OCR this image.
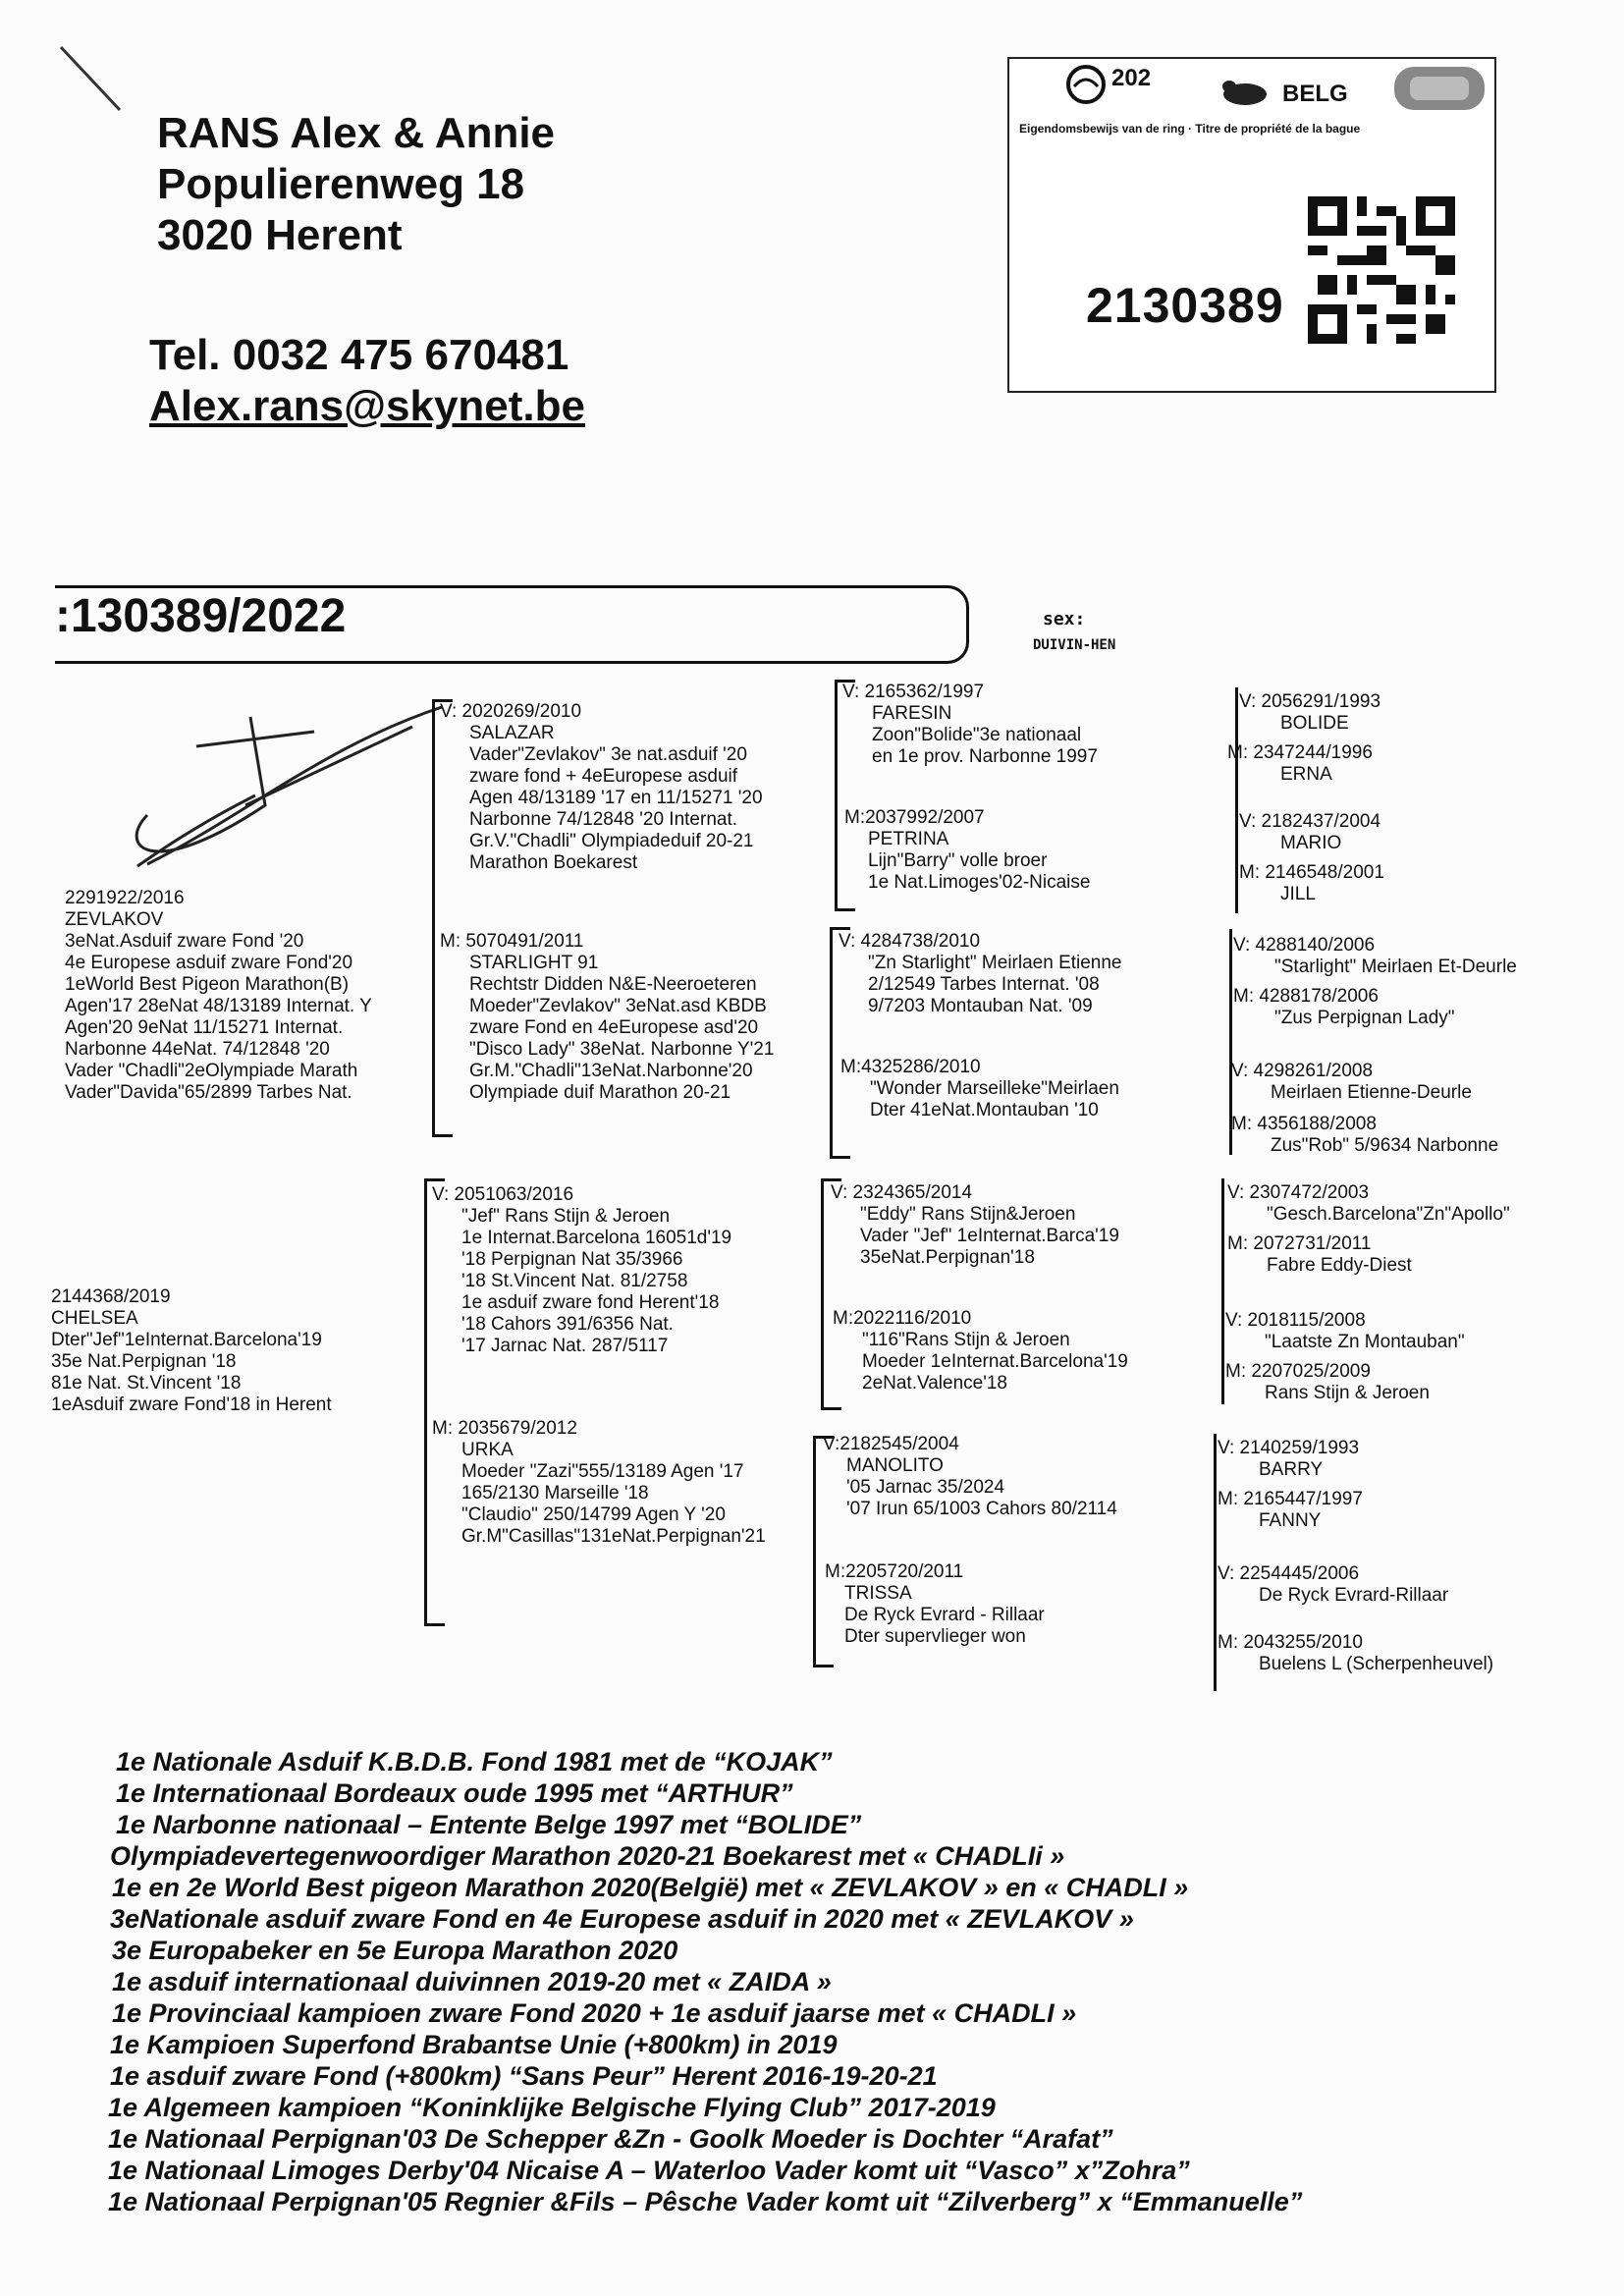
RANS Alex & Annie
Populierenweg 18
3020 Herent
Tel. 0032 475 670481
Alex.rans@skynet.be
202
BELG
Eigendomsbewijs van de ring · Titre de propriété de la bague
2130389
:130389/2022	sex:
DUIVIN-HEN
2291922/2016
ZEVLAKOV
3eNat.Asduif zware Fond '20
4e Europese asduif zware Fond'20
1eWorld Best Pigeon Marathon(B)
Agen'17 28eNat 48/13189 Internat. Y
Agen'20 9eNat 11/15271 Internat.
Narbonne 44eNat. 74/12848 '20
Vader "Chadli"2eOlympiade Marath
Vader"Davida"65/2899 Tarbes Nat.
2144368/2019
CHELSEA
Dter"Jef"1eInternat.Barcelona'19
35e Nat.Perpignan '18
81e Nat. St.Vincent '18
1eAsduif zware Fond'18 in Herent
V: 2020269/2010
SALAZAR
Vader"Zevlakov" 3e nat.asduif '20
zware fond + 4eEuropese asduif
Agen 48/13189 '17 en 11/15271 '20
Narbonne 74/12848 '20 Internat.
Gr.V."Chadli" Olympiadeduif 20-21
Marathon Boekarest
M: 5070491/2011
STARLIGHT 91
Rechtstr Didden N&E-Neeroeteren
Moeder"Zevlakov" 3eNat.asd KBDB
zware Fond en 4eEuropese asd'20
"Disco Lady" 38eNat. Narbonne Y'21
Gr.M."Chadli"13eNat.Narbonne'20
Olympiade duif Marathon 20-21
V: 2051063/2016
"Jef" Rans Stijn & Jeroen
1e Internat.Barcelona 16051d'19
'18 Perpignan Nat 35/3966
'18 St.Vincent Nat. 81/2758
1e asduif zware fond Herent'18
'18 Cahors 391/6356 Nat.
'17 Jarnac Nat. 287/5117
M: 2035679/2012
URKA
Moeder "Zazi"555/13189 Agen '17
165/2130 Marseille '18
"Claudio" 250/14799 Agen Y '20
Gr.M"Casillas"131eNat.Perpignan'21
V: 2165362/1997
FARESIN
Zoon"Bolide"3e nationaal
en 1e prov. Narbonne 1997
M:2037992/2007
PETRINA
Lijn"Barry" volle broer
1e Nat.Limoges'02-Nicaise
V: 4284738/2010
"Zn Starlight" Meirlaen Etienne
2/12549 Tarbes Internat. '08
9/7203 Montauban Nat. '09
M:4325286/2010
"Wonder Marseilleke"Meirlaen
Dter 41eNat.Montauban '10
V: 2324365/2014
"Eddy" Rans Stijn&Jeroen
Vader "Jef" 1eInternat.Barca'19
35eNat.Perpignan'18
M:2022116/2010
"116"Rans Stijn & Jeroen
Moeder 1eInternat.Barcelona'19
2eNat.Valence'18
V:2182545/2004
MANOLITO
'05 Jarnac 35/2024
'07 Irun 65/1003 Cahors 80/2114
M:2205720/2011
TRISSA
De Ryck Evrard - Rillaar
Dter supervlieger won
V: 2056291/1993
BOLIDE
M: 2347244/1996
ERNA
V: 2182437/2004
MARIO
M: 2146548/2001
JILL
V: 4288140/2006
"Starlight" Meirlaen Et-Deurle
M: 4288178/2006
"Zus Perpignan Lady"
V: 4298261/2008
Meirlaen Etienne-Deurle
M: 4356188/2008
Zus"Rob" 5/9634 Narbonne
V: 2307472/2003
"Gesch.Barcelona"Zn"Apollo"
M: 2072731/2011
Fabre Eddy-Diest
V: 2018115/2008
"Laatste Zn Montauban"
M: 2207025/2009
Rans Stijn & Jeroen
V: 2140259/1993
BARRY
M: 2165447/1997
FANNY
V: 2254445/2006
De Ryck Evrard-Rillaar
M: 2043255/2010
Buelens L (Scherpenheuvel)
1e Nationale Asduif K.B.D.B. Fond 1981 met de “KOJAK”
1e Internationaal Bordeaux oude 1995 met “ARTHUR”
1e Narbonne nationaal – Entente Belge 1997 met “BOLIDE”
Olympiadevertegenwoordiger Marathon 2020-21 Boekarest met « CHADLIi »
1e en 2e World Best pigeon Marathon 2020(België) met « ZEVLAKOV » en « CHADLI »
3eNationale asduif zware Fond en 4e Europese asduif in 2020 met « ZEVLAKOV »
3e Europabeker en 5e Europa Marathon 2020
1e asduif internationaal duivinnen 2019-20 met « ZAIDA »
1e Provinciaal kampioen zware Fond 2020 + 1e asduif jaarse met « CHADLI »
1e Kampioen Superfond Brabantse Unie (+800km) in 2019
1e asduif zware Fond (+800km) “Sans Peur” Herent 2016-19-20-21
1e Algemeen kampioen “Koninklijke Belgische Flying Club” 2017-2019
1e Nationaal Perpignan'03 De Schepper &Zn - Goolk Moeder is Dochter “Arafat”
1e Nationaal Limoges Derby'04 Nicaise A – Waterloo Vader komt uit “Vasco” x”Zohra”
1e Nationaal Perpignan'05 Regnier &Fils – Pêsche Vader komt uit “Zilverberg” x “Emmanuelle”
